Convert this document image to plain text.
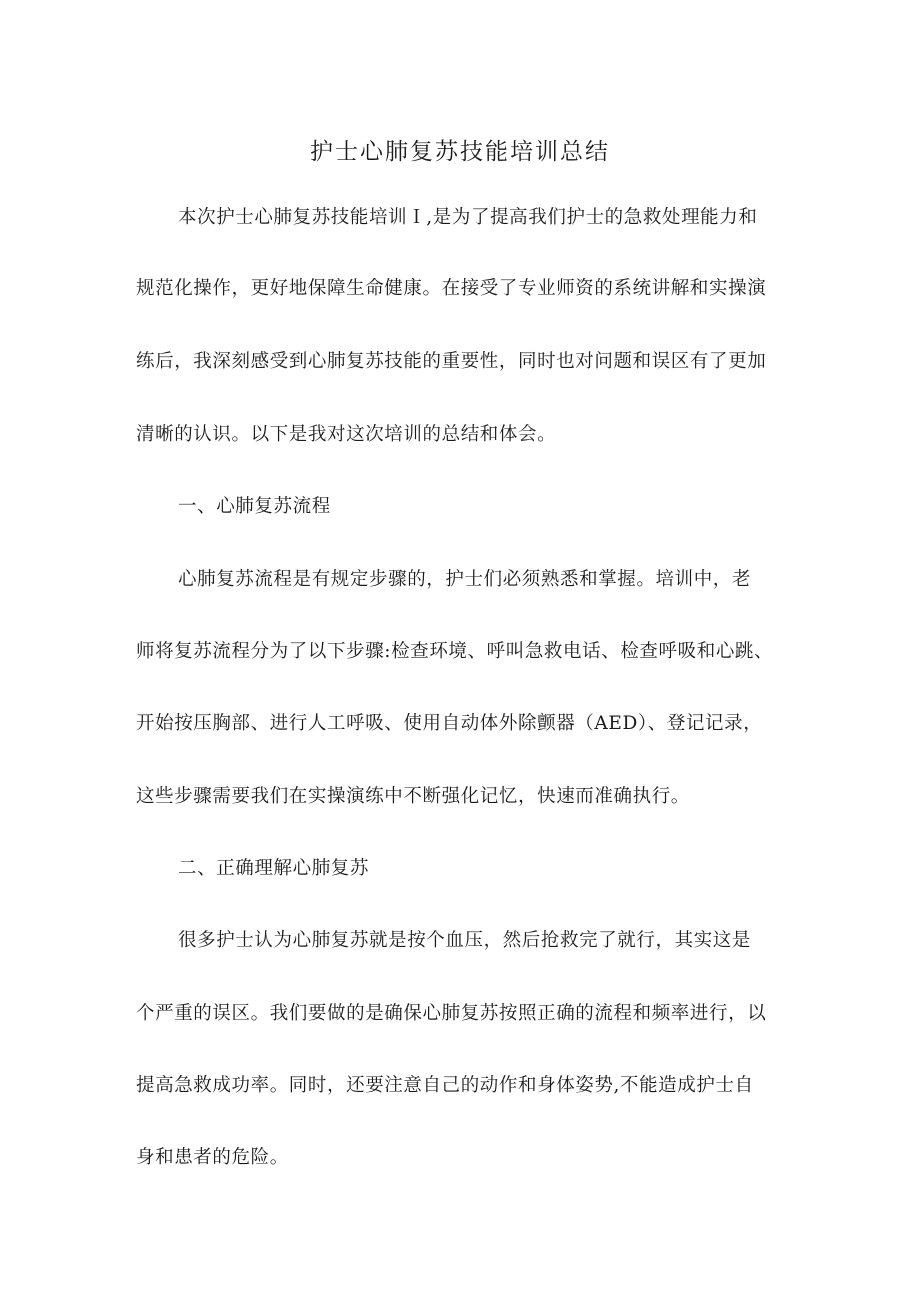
护士心肺复苏技能培训总结
本次护士心肺复苏技能培训Ｉ,是为了提高我们护士的急救处理能力和
规范化操作，更好地保障生命健康。在接受了专业师资的系统讲解和实操演
练后，我深刻感受到心肺复苏技能的重要性，同时也对问题和误区有了更加
清晰的认识。以下是我对这次培训的总结和体会。
一、心肺复苏流程
心肺复苏流程是有规定步骤的，护士们必须熟悉和掌握。培训中，老
师将复苏流程分为了以下步骤:检查环境、呼叫急救电话、检查呼吸和心跳、
开始按压胸部、进行人工呼吸、使用自动体外除颤器（AED）、登记记录，
这些步骤需要我们在实操演练中不断强化记忆，快速而准确执行。
二、正确理解心肺复苏
很多护士认为心肺复苏就是按个血压，然后抢救完了就行，其实这是
个严重的误区。我们要做的是确保心肺复苏按照正确的流程和频率进行，以
提高急救成功率。同时，还要注意自己的动作和身体姿势,不能造成护士自
身和患者的危险。
